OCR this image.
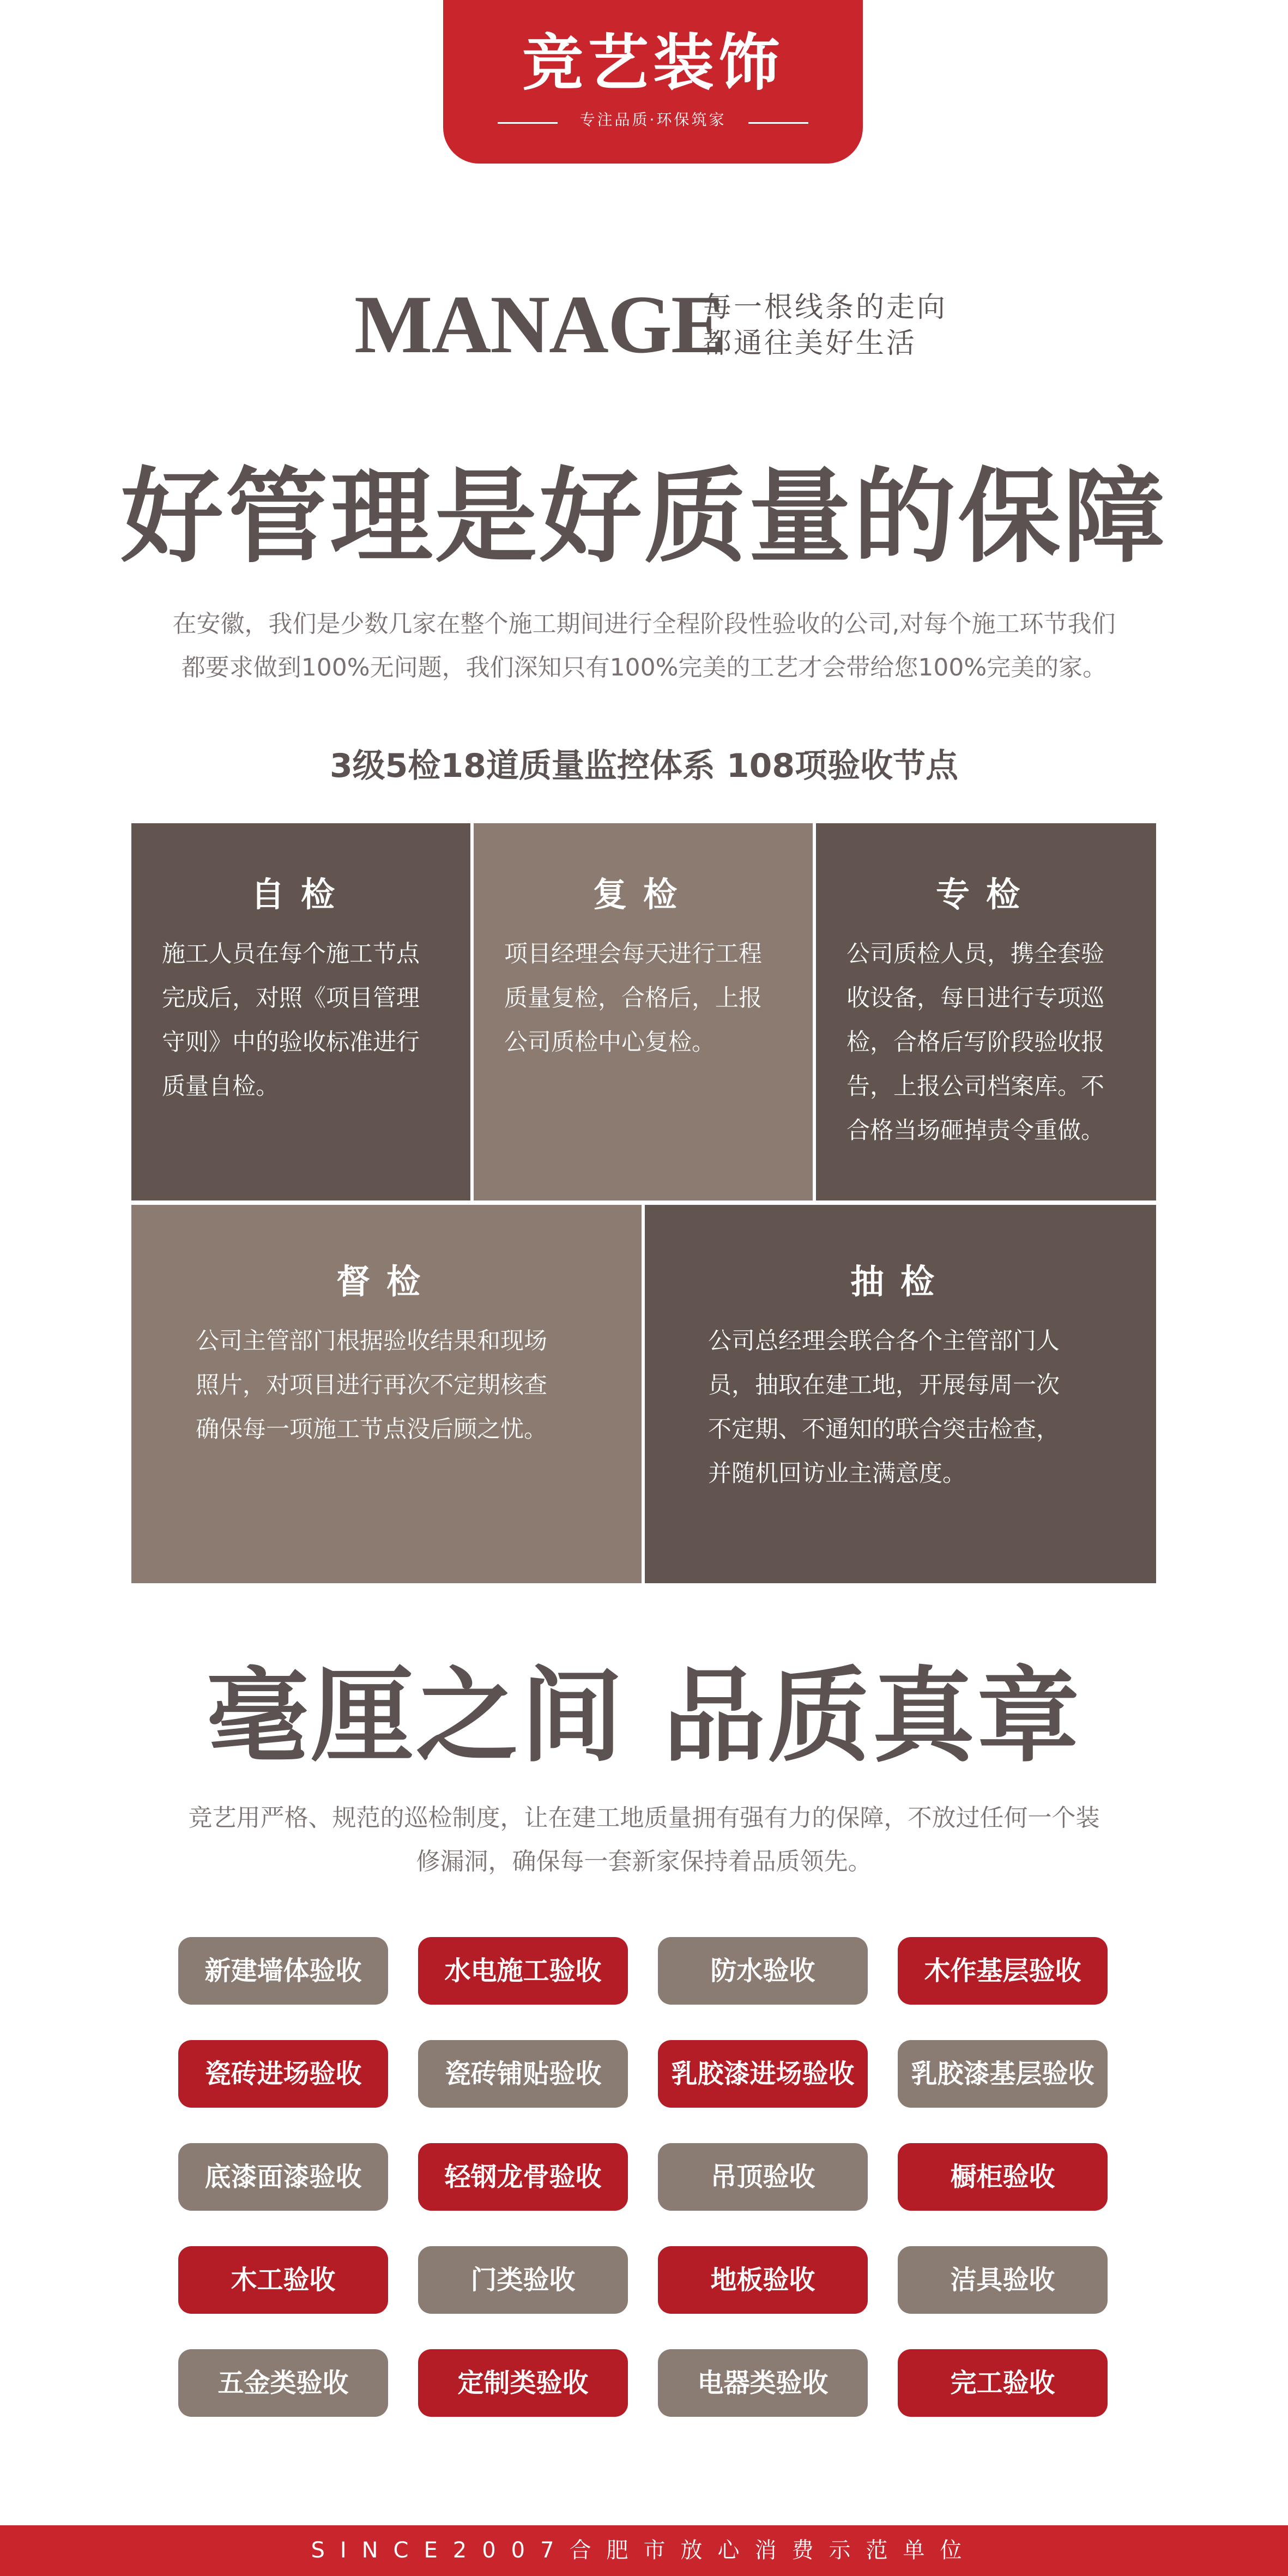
竞艺装饰
专注品质·环保筑家
MANAGE
每一根线条的走向
都通往美好生活
好管理是好质量的保障
在安徽，我们是少数几家在整个施工期间进行全程阶段性验收的公司,对每个施工环节我们
都要求做到100%无问题，我们深知只有100%完美的工艺才会带给您100%完美的家。
3级5检18道质量监控体系 108项验收节点
自检
施工人员在每个施工节点
完成后，对照《项目管理
守则》中的验收标准进行
质量自检。
复检
项目经理会每天进行工程
质量复检，合格后，上报
公司质检中心复检。
专检
公司质检人员，携全套验
收设备，每日进行专项巡
检，合格后写阶段验收报
告，上报公司档案库。不
合格当场砸掉责令重做。
督检
公司主管部门根据验收结果和现场
照片，对项目进行再次不定期核查
确保每一项施工节点没后顾之忧。
抽检
公司总经理会联合各个主管部门人
员，抽取在建工地，开展每周一次
不定期、不通知的联合突击检查，
并随机回访业主满意度。
毫厘之间 品质真章
竞艺用严格、规范的巡检制度，让在建工地质量拥有强有力的保障，不放过任何一个装
修漏洞，确保每一套新家保持着品质领先。
新建墙体验收	水电施工验收	防水验收	木作基层验收
瓷砖进场验收	瓷砖铺贴验收	乳胶漆进场验收	乳胶漆基层验收
底漆面漆验收	轻钢龙骨验收	吊顶验收	橱柜验收
木工验收	门类验收	地板验收	洁具验收
五金类验收	定制类验收	电器类验收	完工验收
SINCE2007合肥市放心消费示范单位
